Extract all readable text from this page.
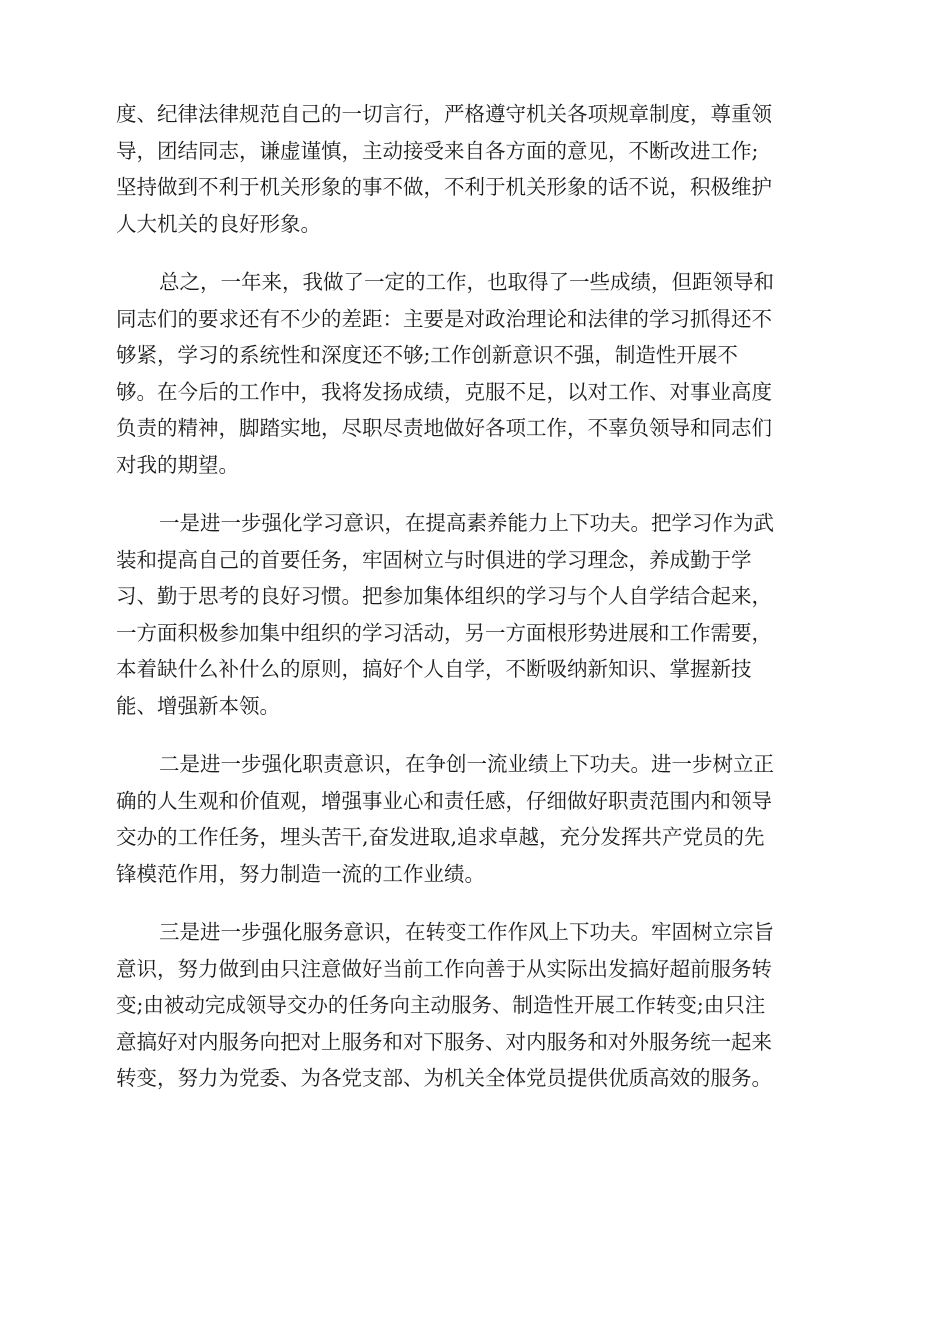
度、纪律法律规范自己的一切言行，严格遵守机关各项规章制度，尊重领
导，团结同志，谦虚谨慎，主动接受来自各方面的意见，不断改进工作;
坚持做到不利于机关形象的事不做，不利于机关形象的话不说，积极维护
人大机关的良好形象。
总之，一年来，我做了一定的工作，也取得了一些成绩，但距领导和
同志们的要求还有不少的差距：主要是对政治理论和法律的学习抓得还不
够紧，学习的系统性和深度还不够;工作创新意识不强，制造性开展不
够。在今后的工作中，我将发扬成绩，克服不足，以对工作、对事业高度
负责的精神，脚踏实地，尽职尽责地做好各项工作，不辜负领导和同志们
对我的期望。
一是进一步强化学习意识，在提高素养能力上下功夫。把学习作为武
装和提高自己的首要任务，牢固树立与时俱进的学习理念，养成勤于学
习、勤于思考的良好习惯。把参加集体组织的学习与个人自学结合起来，
一方面积极参加集中组织的学习活动，另一方面根形势进展和工作需要，
本着缺什么补什么的原则，搞好个人自学，不断吸纳新知识、掌握新技
能、增强新本领。
二是进一步强化职责意识，在争创一流业绩上下功夫。进一步树立正
确的人生观和价值观，增强事业心和责任感，仔细做好职责范围内和领导
交办的工作任务，埋头苦干,奋发进取,追求卓越，充分发挥共产党员的先
锋模范作用，努力制造一流的工作业绩。
三是进一步强化服务意识，在转变工作作风上下功夫。牢固树立宗旨
意识，努力做到由只注意做好当前工作向善于从实际出发搞好超前服务转
变;由被动完成领导交办的任务向主动服务、制造性开展工作转变;由只注
意搞好对内服务向把对上服务和对下服务、对内服务和对外服务统一起来
转变，努力为党委、为各党支部、为机关全体党员提供优质高效的服务。
